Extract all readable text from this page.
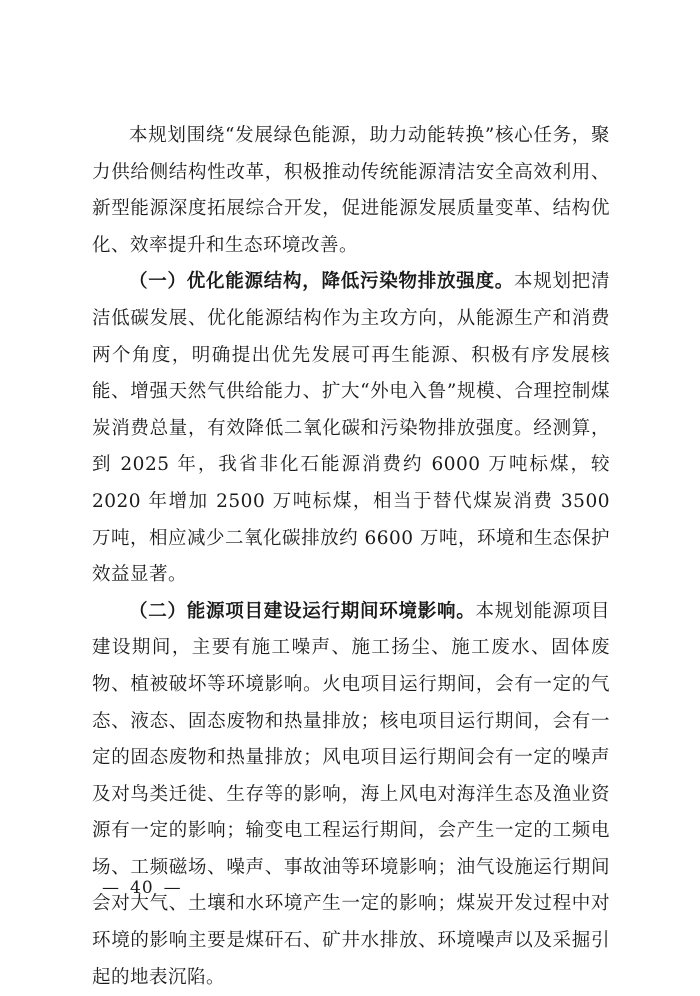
本规划围绕“发展绿色能源，助力动能转换”核心任务，聚力供给侧结构性改革，积极推动传统能源清洁安全高效利用、新型能源深度拓展综合开发，促进能源发展质量变革、结构优化、效率提升和生态环境改善。

（一）优化能源结构，降低污染物排放强度。本规划把清洁低碳发展、优化能源结构作为主攻方向，从能源生产和消费两个角度，明确提出优先发展可再生能源、积极有序发展核能、增强天然气供给能力、扩大“外电入鲁”规模、合理控制煤炭消费总量，有效降低二氧化碳和污染物排放强度。经测算，到 2025 年，我省非化石能源消费约 6000 万吨标煤，较 2020 年增加 2500 万吨标煤，相当于替代煤炭消费 3500 万吨，相应减少二氧化碳排放约 6600 万吨，环境和生态保护效益显著。

（二）能源项目建设运行期间环境影响。本规划能源项目建设期间，主要有施工噪声、施工扬尘、施工废水、固体废物、植被破坏等环境影响。火电项目运行期间，会有一定的气态、液态、固态废物和热量排放；核电项目运行期间，会有一定的固态废物和热量排放；风电项目运行期间会有一定的噪声及对鸟类迁徙、生存等的影响，海上风电对海洋生态及渔业资源有一定的影响；输变电工程运行期间，会产生一定的工频电场、工频磁场、噪声、事故油等环境影响；油气设施运行期间会对大气、土壤和水环境产生一定的影响；煤炭开发过程中对环境的影响主要是煤矸石、矿井水排放、环境噪声以及采掘引起的地表沉陷。

— 40 —
